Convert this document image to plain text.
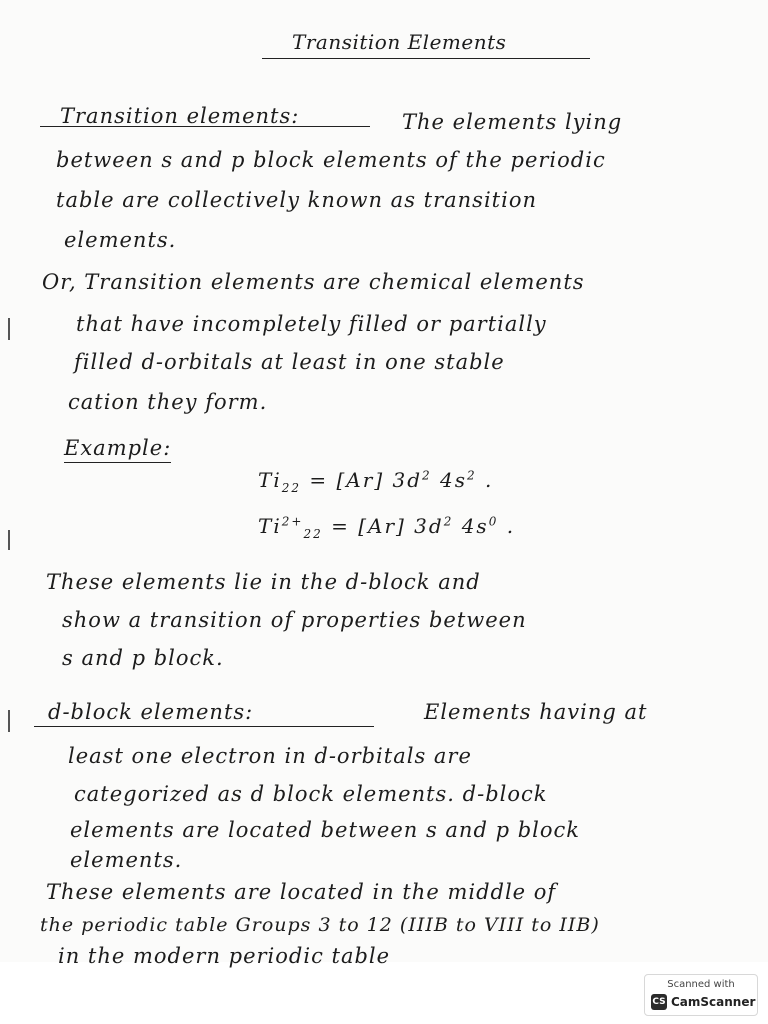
Transition Elements
Transition elements:	The elements lying
between s and p block elements of the periodic
table are collectively known as transition
elements.
Or, Transition elements are chemical elements
that have incompletely filled or partially
filled d-orbitals at least in one stable
cation they form.
Example:
$Ti_{22} = [Ar]$ $3d^2$ $4s^2$ .
$Ti^{2+}_{22} = [Ar]$ $3d^2$ $4s^0$ .
These elements lie in the d-block and
show a transition of properties between
s and p block.
d-block elements:	Elements having at
least one electron in d-orbitals are
categorized as d block elements. d-block
elements are located between s and p block
elements.
These elements are located in the middle of
the periodic table Groups 3 to 12 (IIIB to VIII to IIB)
in the modern periodic table
Scanned with
CS CamScanner
